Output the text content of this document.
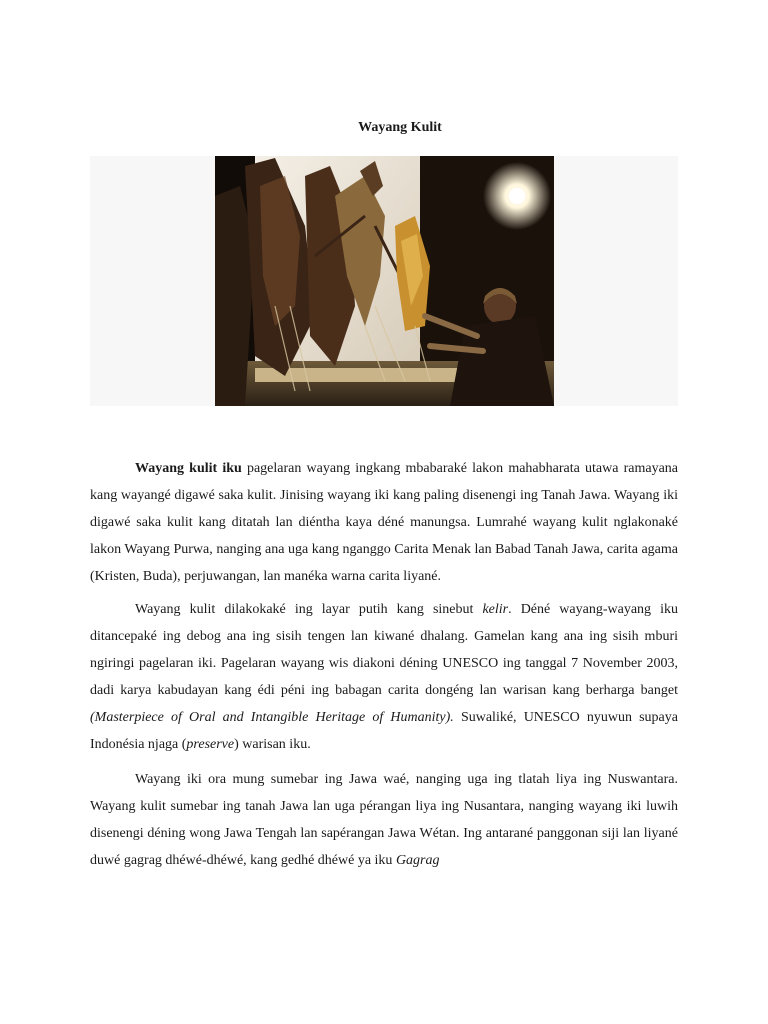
Wayang Kulit

Wayang kulit iku pagelaran wayang ingkang mbabaraké lakon mahabharata utawa ramayana kang wayangé digawé saka kulit. Jinising wayang iki kang paling disenengi ing Tanah Jawa. Wayang iki digawé saka kulit kang ditatah lan diéntha kaya déné manungsa. Lumrahé wayang kulit nglakonaké lakon Wayang Purwa, nanging ana uga kang nganggo Carita Menak lan Babad Tanah Jawa, carita agama (Kristen, Buda), perjuwangan, lan manéka warna carita liyané.

Wayang kulit dilakokaké ing layar putih kang sinebut kelir. Déné wayang-wayang iku ditancepaké ing debog ana ing sisih tengen lan kiwané dhalang. Gamelan kang ana ing sisih mburi ngiringi pagelaran iki. Pagelaran wayang wis diakoni déning UNESCO ing tanggal 7 November 2003, dadi karya kabudayan kang édi péni ing babagan carita dongéng lan warisan kang berharga banget (Masterpiece of Oral and Intangible Heritage of Humanity). Suwaliké, UNESCO nyuwun supaya Indonésia njaga (preserve) warisan iku.

Wayang iki ora mung sumebar ing Jawa waé, nanging uga ing tlatah liya ing Nuswantara. Wayang kulit sumebar ing tanah Jawa lan uga pérangan liya ing Nusantara, nanging wayang iki luwih disenengi déning wong Jawa Tengah lan sapérangan Jawa Wétan. Ing antarané panggonan siji lan liyané duwé gagrag dhéwé-dhéwé, kang gedhé dhéwé ya iku Gagrag
